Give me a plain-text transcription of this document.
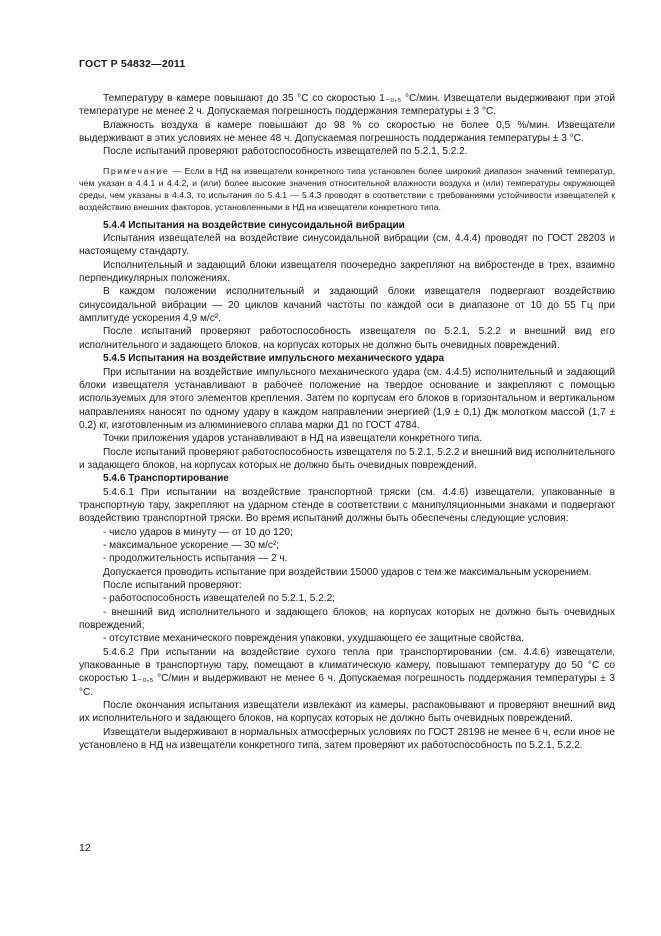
ГОСТ Р 54832—2011

Температуру в камере повышают до 35 °С со скоростью 1₋₀,₅ °С/мин. Извещатели выдерживают при этой температуре не менее 2 ч. Допускаемая погрешность поддержания температуры ± 3 °С.

Влажность воздуха в камере повышают до 98 % со скоростью не более 0,5 %/мин. Извещатели выдерживают в этих условиях не менее 48 ч. Допускаемая погрешность поддержания температуры ± 3 °С.

После испытаний проверяют работоспособность извещателей по 5.2.1, 5.2.2.

Примечание — Если в НД на извещатели конкретного типа установлен более широкий диапазон значений температур, чем указан в 4.4.1 и 4.4.2, и (или) более высокие значения относительной влажности воздуха и (или) температуры окружающей среды, чем указаны в 4.4.3, то испытания по 5.4.1 — 5.4.3 проводят в соответствии с требованиями устойчивости извещателей к воздействию внешних факторов, установленными в НД на извещатели конкретного типа.

5.4.4 Испытания на воздействие синусоидальной вибрации

Испытания извещателей на воздействие синусоидальной вибрации (см. 4.4.4) проводят по ГОСТ 28203 и настоящему стандарту.

Исполнительный и задающий блоки извещателя поочередно закрепляют на вибростенде в трех, взаимно перпендикулярных положениях.

В каждом положении исполнительный и задающий блоки извещателя подвергают воздействию синусоидальной вибрации — 20 циклов качаний частоты по каждой оси в диапазоне от 10 до 55 Гц при амплитуде ускорения 4,9 м/с².

После испытаний проверяют работоспособность извещателя по 5.2.1, 5.2.2 и внешний вид его исполнительного и задающего блоков, на корпусах которых не должно быть очевидных повреждений.

5.4.5 Испытания на воздействие импульсного механического удара

При испытании на воздействие импульсного механического удара (см. 4.4.5) исполнительный и задающий блоки извещателя устанавливают в рабочее положение на твердое основание и закрепляют с помощью используемых для этого элементов крепления. Затем по корпусам его блоков в горизонтальном и вертикальном направлениях наносят по одному удару в каждом направлении энергией (1,9 ± 0,1) Дж молотком массой (1,7 ± 0,2) кг, изготовленным из алюминиевого сплава марки Д1 по ГОСТ 4784.

Точки приложения ударов устанавливают в НД на извещатели конкретного типа.

После испытаний проверяют работоспособность извещателя по 5.2.1, 5.2.2 и внешний вид исполнительного и задающего блоков, на корпусах которых не должно быть очевидных повреждений.

5.4.6 Транспортирование

5.4.6.1 При испытании на воздействие транспортной тряски (см. 4.4.6) извещатели, упакованные в транспортную тару, закрепляют на ударном стенде в соответствии с манипуляционными знаками и подвергают воздействию транспортной тряски. Во время испытаний должны быть обеспечены следующие условия:

- число ударов в минуту — от 10 до 120;

- максимальное ускорение — 30 м/с²;

- продолжительность испытания — 2 ч.

Допускается проводить испытание при воздействии 15000 ударов с тем же максимальным ускорением.

После испытаний проверяют:

- работоспособность извещателей по 5.2.1, 5.2.2;

- внешний вид исполнительного и задающего блоков, на корпусах которых не должно быть очевидных повреждений;

- отсутствие механического повреждения упаковки, ухудшающего ее защитные свойства.

5.4.6.2 При испытании на воздействие сухого тепла при транспортировании (см. 4.4.6) извещатели, упакованные в транспортную тару, помещают в климатическую камеру, повышают температуру до 50 °С со скоростью 1₋₀,₅ °С/мин и выдерживают не менее 6 ч. Допускаемая погрешность поддержания температуры ± 3 °С.

После окончания испытания извещатели извлекают из камеры, распаковывают и проверяют внешний вид их исполнительного и задающего блоков, на корпусах которых не должно быть очевидных повреждений.

Извещатели выдерживают в нормальных атмосферных условиях по ГОСТ 28198 не менее 6 ч, если иное не установлено в НД на извещатели конкретного типа, затем проверяют их работоспособность по 5.2.1, 5.2.2.

12
